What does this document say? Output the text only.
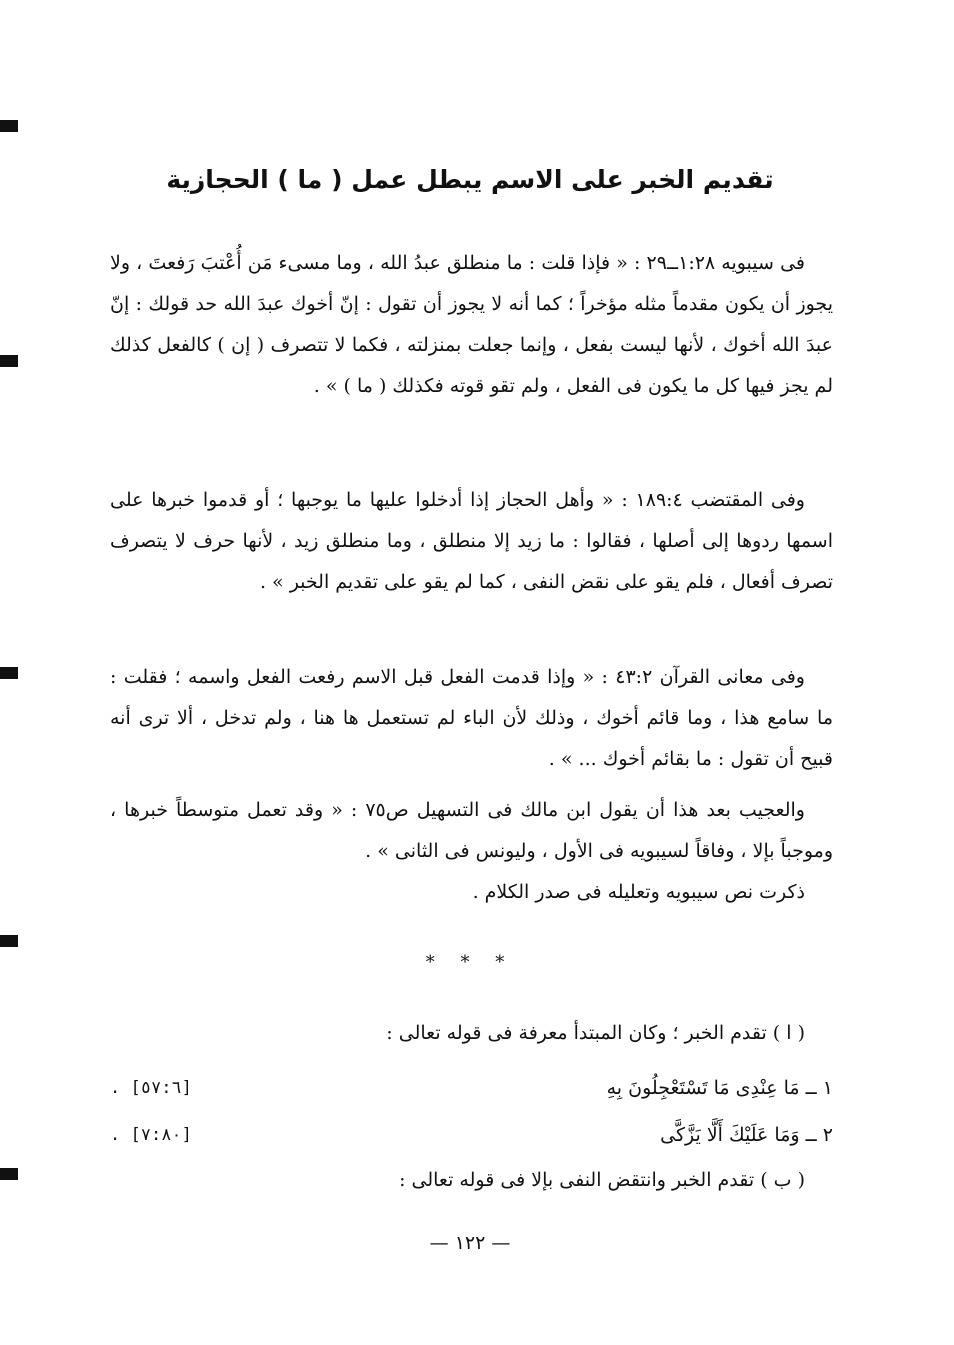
تقديم الخبر على الاسم يبطل عمل ( ما ) الحجازية

فى سيبويه ١:٢٨ــ٢٩ : « فإذا قلت : ما منطلق عبدُ الله ، وما مسىء مَن أُعْتبَ رَفعتَ ، ولا يجوز أن يكون مقدماً مثله مؤخراً ؛ كما أنه لا يجوز أن تقول : إنّ أخوك عبدَ الله حد قولك : إنّ عبدَ الله أخوك ، لأنها ليست بفعل ، وإنما جعلت بمنزلته ، فكما لا تتصرف ( إن ) كالفعل كذلك لم يجز فيها كل ما يكون فى الفعل ، ولم تقو قوته فكذلك ( ما ) » .

وفى المقتضب ١٨٩:٤ : « وأهل الحجاز إذا أدخلوا عليها ما يوجبها ؛ أو قدموا خبرها على اسمها ردوها إلى أصلها ، فقالوا : ما زيد إلا منطلق ، وما منطلق زيد ، لأنها حرف لا يتصرف تصرف أفعال ، فلم يقو على نقض النفى ، كما لم يقو على تقديم الخبر » .

وفى معانى القرآن ٤٣:٢ : « وإذا قدمت الفعل قبل الاسم رفعت الفعل واسمه ؛ فقلت : ما سامع هذا ، وما قائم أخوك ، وذلك لأن الباء لم تستعمل ها هنا ، ولم تدخل ، ألا ترى أنه قبيح أن تقول : ما بقائم أخوك ... » .

والعجيب بعد هذا أن يقول ابن مالك فى التسهيل ص٧٥ : « وقد تعمل متوسطاً خبرها ، وموجباً بإلا ، وفاقاً لسيبويه فى الأول ، وليونس فى الثانى » .

ذكرت نص سيبويه وتعليله فى صدر الكلام .

* * *

( ا ) تقدم الخبر ؛ وكان المبتدأ معرفة فى قوله تعالى :

١ ــ مَا عِنْدِى مَا تَسْتَعْجِلُونَ بِهِ
. [٥٧:٦]
٢ ــ وَمَا عَلَيْكَ أَلَّا يَزَّكَّى
. [٧:٨٠]

( ب ) تقدم الخبر وانتقض النفى بإلا فى قوله تعالى :

— ١٢٢ —
